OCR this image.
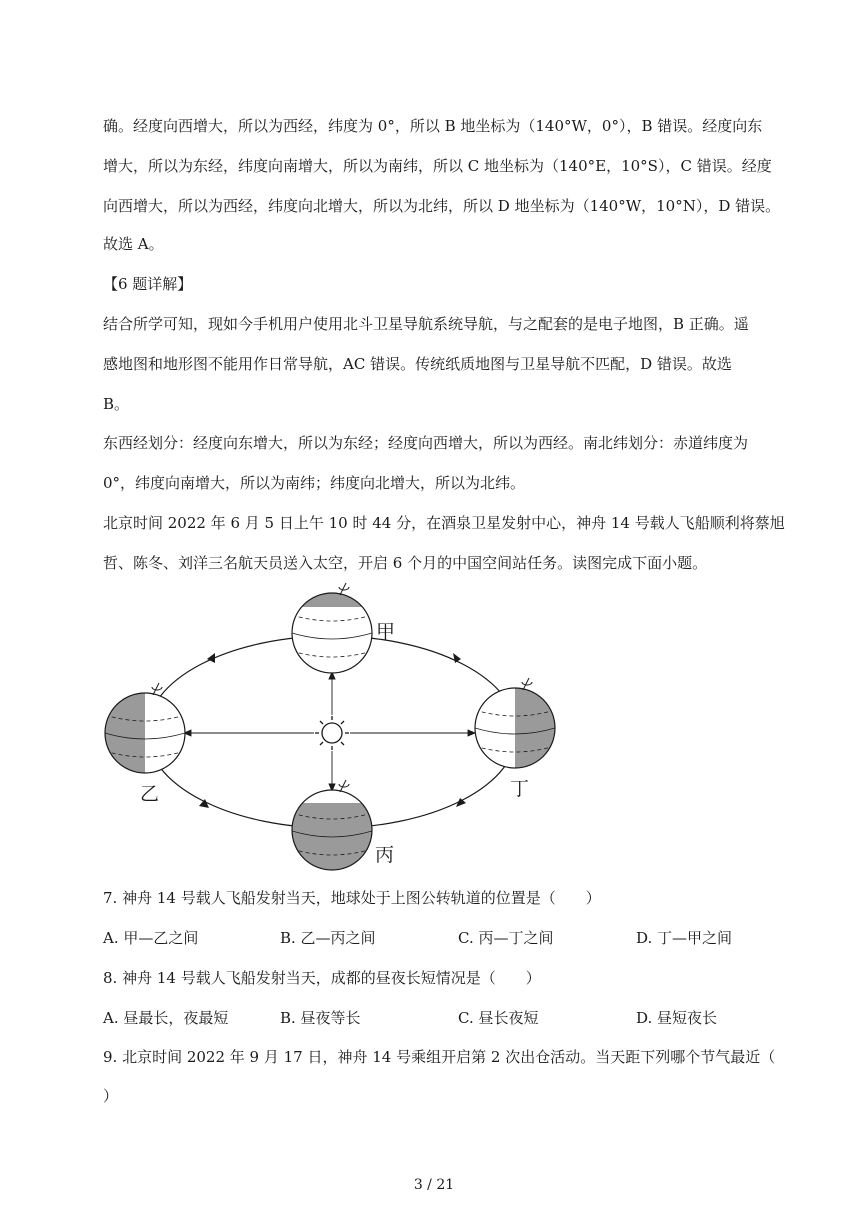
确。经度向西增大，所以为西经，纬度为 0°，所以 B 地坐标为（140°W，0°），B 错误。经度向东
增大，所以为东经，纬度向南增大，所以为南纬，所以 C 地坐标为（140°E，10°S），C 错误。经度
向西增大，所以为西经，纬度向北增大，所以为北纬，所以 D 地坐标为（140°W，10°N），D 错误。
故选 A。
【6 题详解】
结合所学可知，现如今手机用户使用北斗卫星导航系统导航，与之配套的是电子地图，B 正确。遥
感地图和地形图不能用作日常导航，AC 错误。传统纸质地图与卫星导航不匹配，D 错误。故选
B。
东西经划分：经度向东增大，所以为东经；经度向西增大，所以为西经。南北纬划分：赤道纬度为
0°，纬度向南增大，所以为南纬；纬度向北增大，所以为北纬。
北京时间 2022 年 6 月 5 日上午 10 时 44 分，在酒泉卫星发射中心，神舟 14 号载人飞船顺利将蔡旭
哲、陈冬、刘洋三名航天员送入太空，开启 6 个月的中国空间站任务。读图完成下面小题。
甲
乙
丙
丁
7. 神舟 14 号载人飞船发射当天，地球处于上图公转轨道的位置是（　　）
A. 甲—乙之间	B. 乙—丙之间	C. 丙—丁之间	D. 丁—甲之间
8. 神舟 14 号载人飞船发射当天，成都的昼夜长短情况是（　　）
A. 昼最长，夜最短	B. 昼夜等长	C. 昼长夜短	D. 昼短夜长
9. 北京时间 2022 年 9 月 17 日，神舟 14 号乘组开启第 2 次出仓活动。当天距下列哪个节气最近（
）
3 / 21
